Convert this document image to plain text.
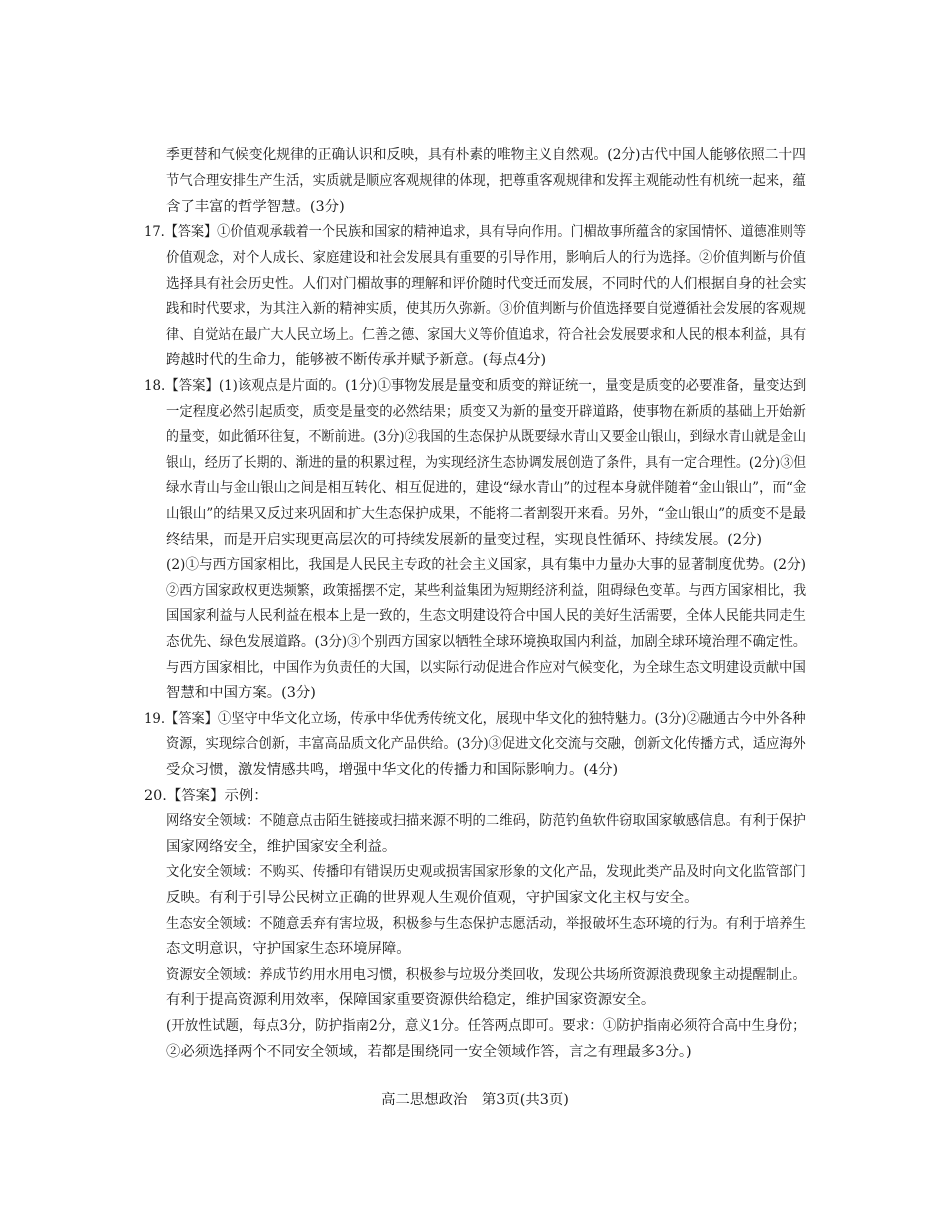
季更替和气候变化规律的正确认识和反映，具有朴素的唯物主义自然观。(2分)古代中国人能够依照二十四
节气合理安排生产生活，实质就是顺应客观规律的体现，把尊重客观规律和发挥主观能动性有机统一起来，蕴
含了丰富的哲学智慧。(3分)
17.【答案】①价值观承载着一个民族和国家的精神追求，具有导向作用。门楣故事所蕴含的家国情怀、道德准则等
价值观念，对个人成长、家庭建设和社会发展具有重要的引导作用，影响后人的行为选择。②价值判断与价值
选择具有社会历史性。人们对门楣故事的理解和评价随时代变迁而发展，不同时代的人们根据自身的社会实
践和时代要求，为其注入新的精神实质，使其历久弥新。③价值判断与价值选择要自觉遵循社会发展的客观规
律、自觉站在最广大人民立场上。仁善之德、家国大义等价值追求，符合社会发展要求和人民的根本利益，具有
跨越时代的生命力，能够被不断传承并赋予新意。(每点4分)
18.【答案】(1)该观点是片面的。(1分)①事物发展是量变和质变的辩证统一，量变是质变的必要准备，量变达到
一定程度必然引起质变，质变是量变的必然结果；质变又为新的量变开辟道路，使事物在新质的基础上开始新
的量变，如此循环往复，不断前进。(3分)②我国的生态保护从既要绿水青山又要金山银山，到绿水青山就是金山
银山，经历了长期的、渐进的量的积累过程，为实现经济生态协调发展创造了条件，具有一定合理性。(2分)③但
绿水青山与金山银山之间是相互转化、相互促进的，建设“绿水青山”的过程本身就伴随着“金山银山”，而“金
山银山”的结果又反过来巩固和扩大生态保护成果，不能将二者割裂开来看。另外，“金山银山”的质变不是最
终结果，而是开启实现更高层次的可持续发展新的量变过程，实现良性循环、持续发展。(2分)
(2)①与西方国家相比，我国是人民民主专政的社会主义国家，具有集中力量办大事的显著制度优势。(2分)
②西方国家政权更迭频繁，政策摇摆不定，某些利益集团为短期经济利益，阻碍绿色变革。与西方国家相比，我
国国家利益与人民利益在根本上是一致的，生态文明建设符合中国人民的美好生活需要，全体人民能共同走生
态优先、绿色发展道路。(3分)③个别西方国家以牺牲全球环境换取国内利益，加剧全球环境治理不确定性。
与西方国家相比，中国作为负责任的大国，以实际行动促进合作应对气候变化，为全球生态文明建设贡献中国
智慧和中国方案。(3分)
19.【答案】①坚守中华文化立场，传承中华优秀传统文化，展现中华文化的独特魅力。(3分)②融通古今中外各种
资源，实现综合创新，丰富高品质文化产品供给。(3分)③促进文化交流与交融，创新文化传播方式，适应海外
受众习惯，激发情感共鸣，增强中华文化的传播力和国际影响力。(4分)
20.【答案】示例：
网络安全领域：不随意点击陌生链接或扫描来源不明的二维码，防范钓鱼软件窃取国家敏感信息。有利于保护
国家网络安全，维护国家安全利益。
文化安全领域：不购买、传播印有错误历史观或损害国家形象的文化产品，发现此类产品及时向文化监管部门
反映。有利于引导公民树立正确的世界观人生观价值观，守护国家文化主权与安全。
生态安全领域：不随意丢弃有害垃圾，积极参与生态保护志愿活动，举报破坏生态环境的行为。有利于培养生
态文明意识，守护国家生态环境屏障。
资源安全领域：养成节约用水用电习惯，积极参与垃圾分类回收，发现公共场所资源浪费现象主动提醒制止。
有利于提高资源利用效率，保障国家重要资源供给稳定，维护国家资源安全。
(开放性试题，每点3分，防护指南2分，意义1分。任答两点即可。要求：①防护指南必须符合高中生身份；
②必须选择两个不同安全领域，若都是围绕同一安全领域作答，言之有理最多3分。)
高二思想政治　第3页(共3页)
